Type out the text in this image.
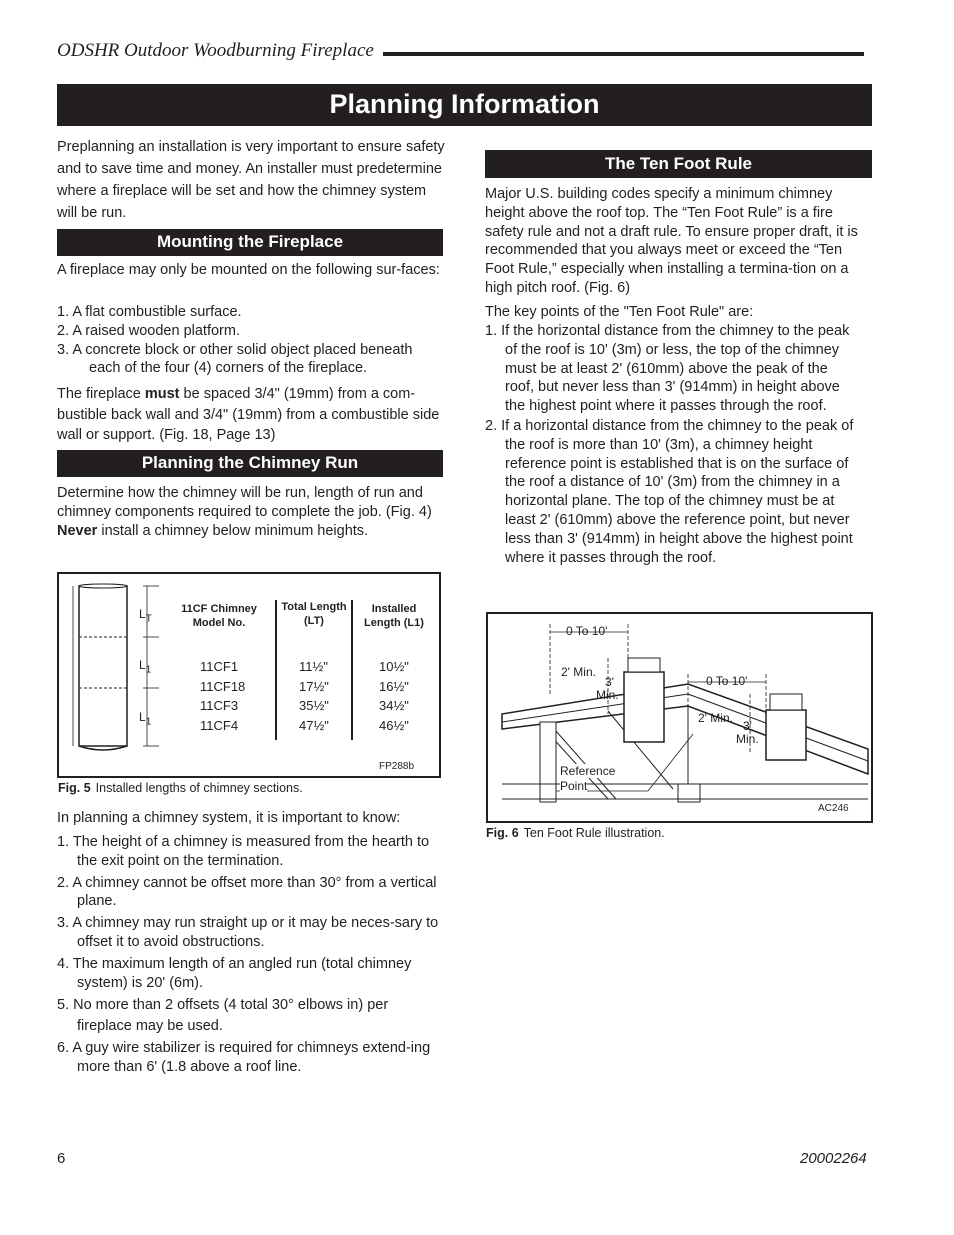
ODSHR Outdoor Woodburning Fireplace
Planning Information
Preplanning an installation is very important to ensure safety and to save time and money. An installer must predetermine where a fireplace will be set and how the chimney system will be run.
Mounting the Fireplace
A fireplace may only be mounted on the following sur-faces:
1. A flat combustible surface.
2. A raised wooden platform.
3. A concrete block or other solid object placed beneath each of the four (4) corners of the fireplace.
The fireplace must be spaced 3/4" (19mm) from a com-bustible back wall and 3/4" (19mm) from a combustible side wall or support. (Fig. 18, Page 13)
Planning the Chimney Run
Determine how the chimney will be run, length of run and chimney components required to complete the job. (Fig. 4) Never install a chimney below minimum heights.
$L_T$
$L_1$
$L_1$
11CF Chimney Model No.
Total Length (LT)
Installed Length (L1)
11CF1
11CF18
11CF3
11CF4
11½"
17½"
35½"
47½"
10½"
16½"
34½"
46½"
FP288b
Fig. 5 Installed lengths of chimney sections.
In planning a chimney system, it is important to know:
1. The height of a chimney is measured from the hearth to the exit point on the termination.
2. A chimney cannot be offset more than 30° from a vertical plane.
3. A chimney may run straight up or it may be neces-sary to offset it to avoid obstructions.
4. The maximum length of an angled run (total chimney system) is 20' (6m).
5. No more than 2 offsets (4 total 30° elbows in) per fireplace may be used.
6. A guy wire stabilizer is required for chimneys extend-ing more than 6' (1.8 above a roof line.
The Ten Foot Rule
Major U.S. building codes specify a minimum chimney height above the roof top. The “Ten Foot Rule” is a fire safety rule and not a draft rule. To ensure proper draft, it is recommended that you always meet or exceed the “Ten Foot Rule,” especially when installing a termina-tion on a high pitch roof. (Fig. 6)
The key points of the "Ten Foot Rule" are:
1. If the horizontal distance from the chimney to the peak of the roof is 10' (3m) or less, the top of the chimney must be at least 2' (610mm) above the peak of the roof, but never less than 3' (914mm) in height above the highest point where it passes through the roof.
2. If a horizontal distance from the chimney to the peak of the roof is more than 10' (3m), a chimney height reference point is established that is on the surface of the roof a distance of 10' (3m) from the chimney in a horizontal plane. The top of the chimney must be at least 2' (610mm) above the reference point, but never less than 3' (914mm) in height above the highest point where it passes through the roof.
0 To 10'
2' Min.
3'
Min.
0 To 10'
2' Min.
3'
Min.
Reference
Point
AC246
Fig. 6 Ten Foot Rule illustration.
6	20002264
